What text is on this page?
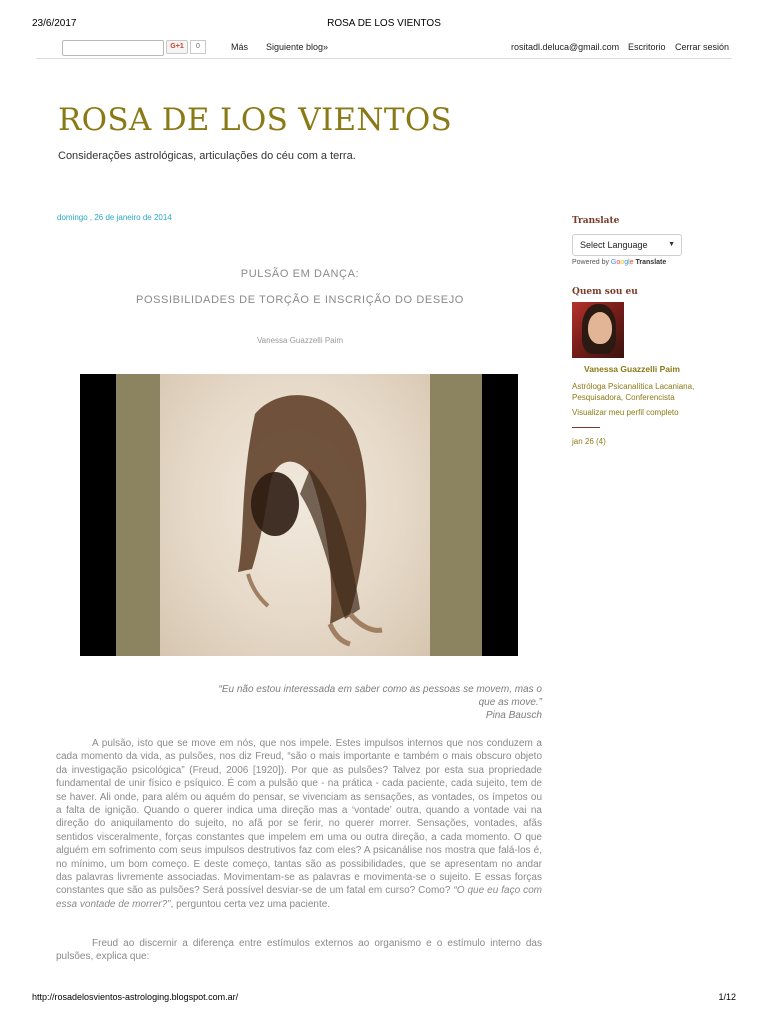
23/6/2017	ROSA DE LOS VIENTOS
G+1	0	Más Siguiente blog»	rositadl.deluca@gmail.com Escritorio Cerrar sesión
ROSA DE LOS VIENTOS
Considerações astrológicas, articulações do céu com a terra.
domingo , 26 de janeiro de 2014
PULSÃO EM DANÇA:
POSSIBILIDADES DE TORÇÃO E INSCRIÇÃO DO DESEJO
Vanessa Guazzelli Paim
“Eu não estou interessada em saber como as pessoas se movem, mas o que as move.”
Pina Bausch
A pulsão, isto que se move em nós, que nos impele. Estes impulsos internos que nos conduzem a cada momento da vida, as pulsões, nos diz Freud, “são o mais importante e também o mais obscuro objeto da investigação psicológica” (Freud, 2006 [1920]). Por que as pulsões? Talvez por esta sua propriedade fundamental de unir físico e psíquico. É com a pulsão que - na prática - cada paciente, cada sujeito, tem de se haver. Ali onde, para além ou aquém do pensar, se vivenciam as sensações, as vontades, os ímpetos ou a falta de ignição. Quando o querer indica uma direção mas a ‘vontade’ outra, quando a vontade vai na direção do aniquilamento do sujeito, no afã por se ferir, no querer morrer. Sensações, vontades, afãs sentidos visceralmente, forças constantes que impelem em uma ou outra direção, a cada momento. O que alguém em sofrimento com seus impulsos destrutivos faz com eles? A psicanálise nos mostra que falá-los é, no mínimo, um bom começo. E deste começo, tantas são as possibilidades, que se apresentam no andar das palavras livremente associadas. Movimentam-se as palavras e movimenta-se o sujeito. E essas forças constantes que são as pulsões? Será possível desviar-se de um fatal em curso? Como? “O que eu faço com essa vontade de morrer?”, perguntou certa vez uma paciente.
Freud ao discernir a diferença entre estímulos externos ao organismo e o estímulo interno das pulsões, explica que:
Translate
Select Language	▼
Powered by Google Translate
Quem sou eu
Vanessa Guazzelli Paim
Astróloga Psicanalítica Lacaniana, Pesquisadora, Conferencista
Visualizar meu perfil completo
jan 26 (4)
http://rosadelosvientos-astrologing.blogspot.com.ar/	1/12
